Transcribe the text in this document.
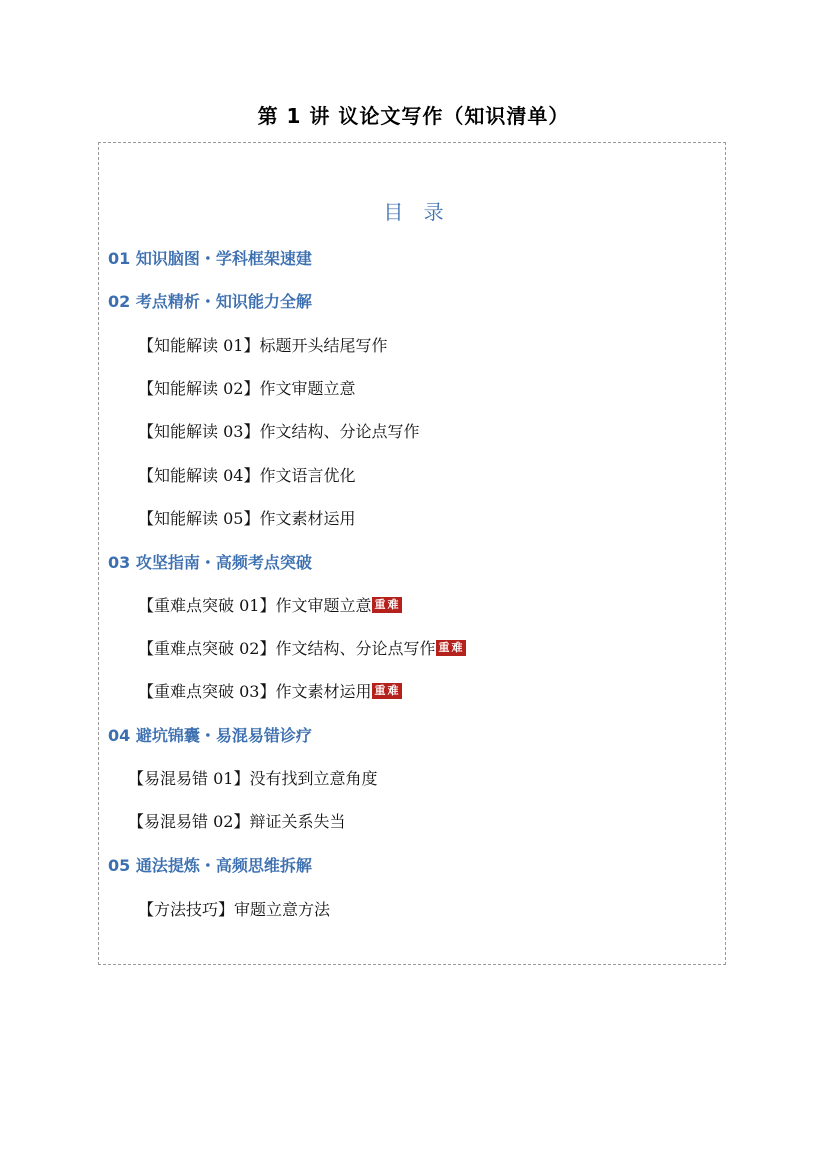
第 1 讲 议论文写作（知识清单）
目 录
01 知识脑图・学科框架速建
02 考点精析・知识能力全解
【知能解读 01】标题开头结尾写作
【知能解读 02】作文审题立意
【知能解读 03】作文结构、分论点写作
【知能解读 04】作文语言优化
【知能解读 05】作文素材运用
03 攻坚指南・高频考点突破
【重难点突破 01】作文审题立意 重难
【重难点突破 02】作文结构、分论点写作 重难
【重难点突破 03】作文素材运用 重难
04 避坑锦囊・易混易错诊疗
【易混易错 01】没有找到立意角度
【易混易错 02】辩证关系失当
05 通法提炼・高频思维拆解
【方法技巧】审题立意方法
